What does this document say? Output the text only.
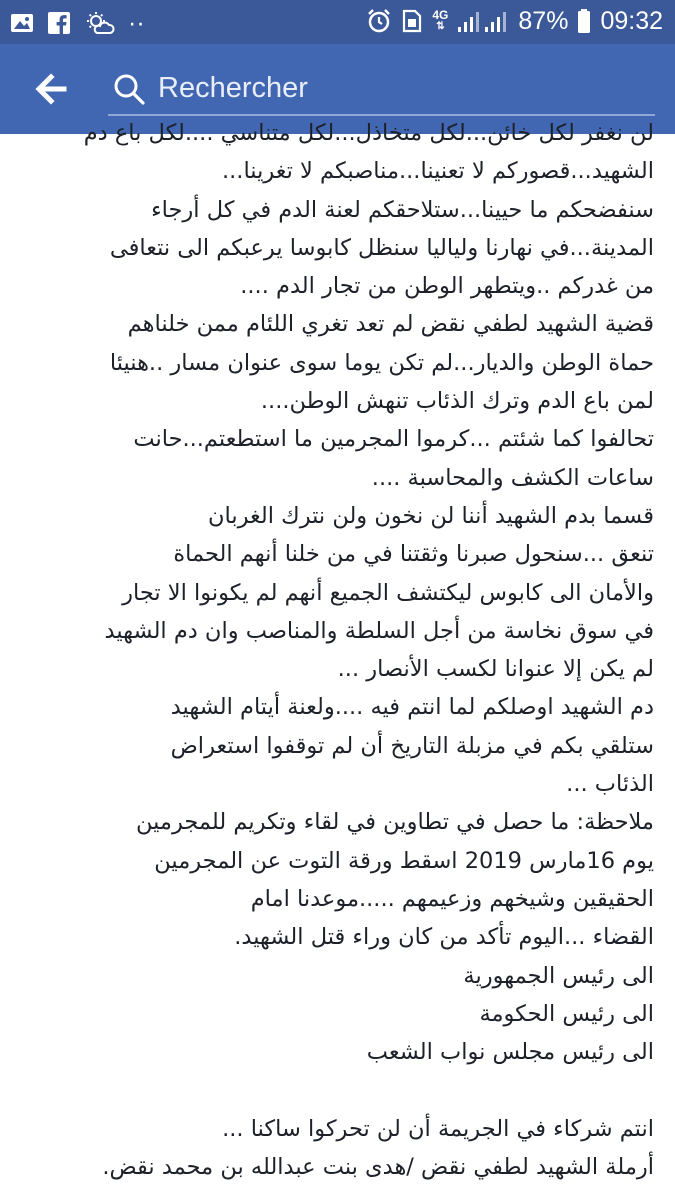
··	4G
⇅	87% 09:32
Rechercher

لن نغفر لكل خائن...لكل متخاذل...لكل متناسي ....لكل باع دم

الشهيد...قصوركم لا تعنينا...مناصبكم لا تغرينا...

سنفضحكم ما حيينا...ستلاحقكم لعنة الدم في كل أرجاء

المدينة...في نهارنا ولياليا سنظل كابوسا يرعبكم الى نتعافى

من غدركم ..ويتطهر الوطن من تجار الدم ....

قضية الشهيد لطفي نقض لم تعد تغري اللئام ممن خلناهم

حماة الوطن والديار...لم تكن يوما سوى عنوان مسار ..هنيئا

لمن باع الدم وترك الذئاب تنهش الوطن....

تحالفوا كما شئتم ...كرموا المجرمين ما استطعتم...حانت

ساعات الكشف والمحاسبة ....

قسما بدم الشهيد أننا لن نخون ولن نترك الغربان

تنعق ...سنحول صبرنا وثقتنا في من خلنا أنهم الحماة

والأمان الى كابوس ليكتشف الجميع أنهم لم يكونوا الا تجار

في سوق نخاسة من أجل السلطة والمناصب وان دم الشهيد

لم يكن إلا عنوانا لكسب الأنصار ...

دم الشهيد اوصلكم لما انتم فيه ....ولعنة أيتام الشهيد

ستلقي بكم في مزبلة التاريخ أن لم توقفوا استعراض

الذئاب ...

ملاحظة: ما حصل في تطاوين في لقاء وتكريم للمجرمين

يوم 16مارس 2019 اسقط ورقة التوت عن المجرمين

الحقيقين وشيخهم وزعيمهم .....موعدنا امام

القضاء ...اليوم تأكد من كان وراء قتل الشهيد.

الى رئيس الجمهورية

الى رئيس الحكومة

الى رئيس مجلس نواب الشعب

انتم شركاء في الجريمة أن لن تحركوا ساكنا ...

أرملة الشهيد لطفي نقض /هدى بنت عبدالله بن محمد نقض.
